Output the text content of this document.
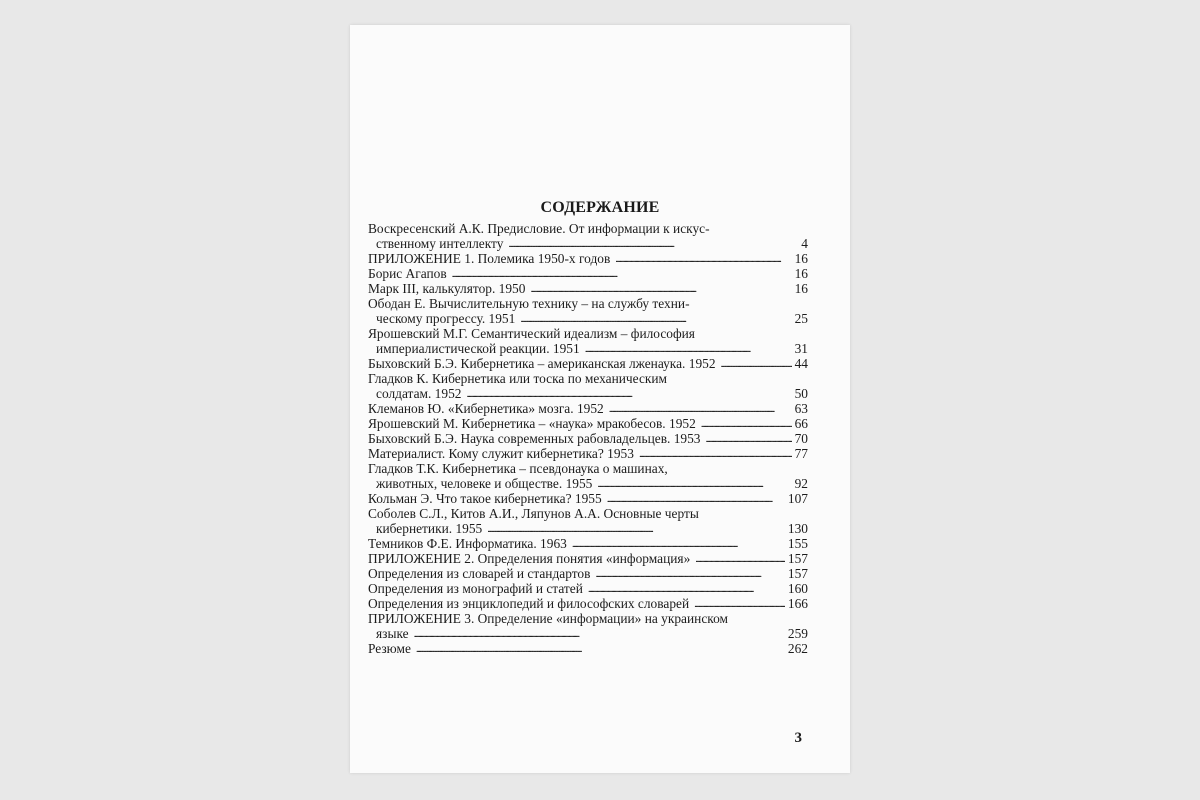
СОДЕРЖАНИЕ
Воскресенский А.К. Предисловие. От информации к искус-
ственному интеллекту . . .	4
ПРИЛОЖЕНИЕ 1. Полемика 1950-х годов . . .	16
Борис Агапов . . .	16
Марк III, калькулятор. 1950 . . .	16
Ободан Е. Вычислительную технику – на службу техни-
ческому прогрессу. 1951 . . .	25
Ярошевский М.Г. Семантический идеализм – философия
империалистической реакции. 1951 . . .	31
Быховский Б.Э. Кибернетика – американская лженаука. 1952 . . .	44
Гладков К. Кибернетика или тоска по механическим
солдатам. 1952 . . .	50
Клеманов Ю. «Кибернетика» мозга. 1952 . . .	63
Ярошевский М. Кибернетика – «наука» мракобесов. 1952 . . .	66
Быховский Б.Э. Наука современных рабовладельцев. 1953 . . .	70
Материалист. Кому служит кибернетика? 1953 . . .	77
Гладков Т.К. Кибернетика – псевдонаука о машинах,
животных, человеке и обществе. 1955 . . .	92
Кольман Э. Что такое кибернетика? 1955 . . .	107
Соболев С.Л., Китов А.И., Ляпунов А.А. Основные черты
кибернетики. 1955 . . .	130
Темников Ф.Е. Информатика. 1963 . . .	155
ПРИЛОЖЕНИЕ 2. Определения понятия «информация» . . .	157
Определения из словарей и стандартов . . .	157
Определения из монографий и статей . . .	160
Определения из энциклопедий и философских словарей . . .	166
ПРИЛОЖЕНИЕ 3. Определение «информации» на украинском
языке . . .	259
Резюме . . .	262
3
